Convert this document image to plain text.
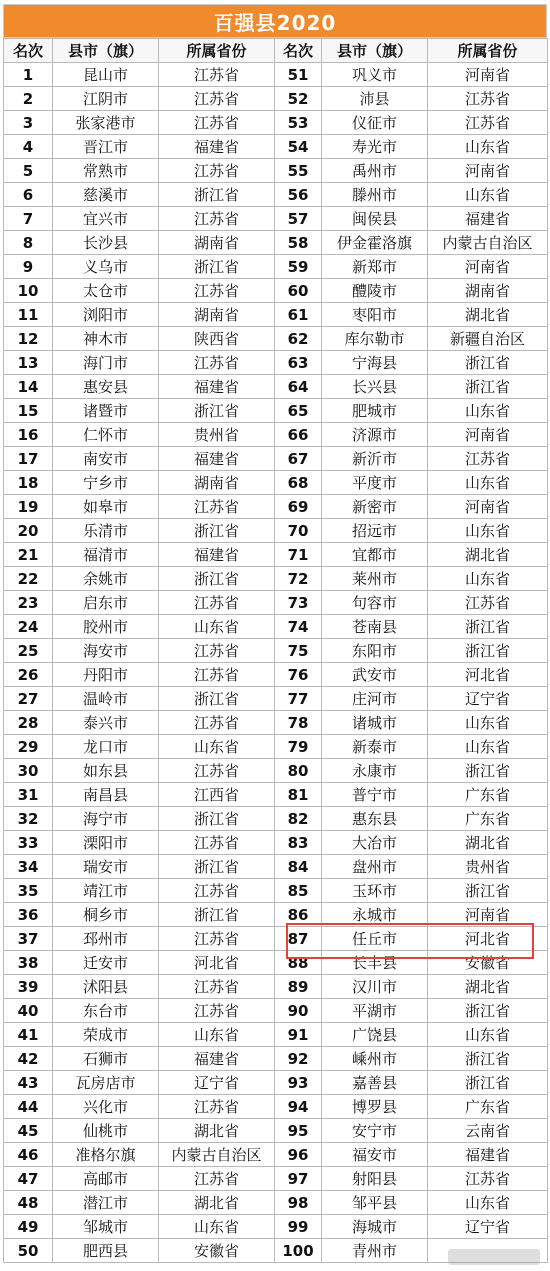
百强县2020
名次	县市（旗）	所属省份	名次	县市（旗）	所属省份
1	昆山市	江苏省	51	巩义市	河南省
2	江阴市	江苏省	52	沛县	江苏省
3	张家港市	江苏省	53	仪征市	江苏省
4	晋江市	福建省	54	寿光市	山东省
5	常熟市	江苏省	55	禹州市	河南省
6	慈溪市	浙江省	56	滕州市	山东省
7	宜兴市	江苏省	57	闽侯县	福建省
8	长沙县	湖南省	58	伊金霍洛旗	内蒙古自治区
9	义乌市	浙江省	59	新郑市	河南省
10	太仓市	江苏省	60	醴陵市	湖南省
11	浏阳市	湖南省	61	枣阳市	湖北省
12	神木市	陕西省	62	库尔勒市	新疆自治区
13	海门市	江苏省	63	宁海县	浙江省
14	惠安县	福建省	64	长兴县	浙江省
15	诸暨市	浙江省	65	肥城市	山东省
16	仁怀市	贵州省	66	济源市	河南省
17	南安市	福建省	67	新沂市	江苏省
18	宁乡市	湖南省	68	平度市	山东省
19	如皋市	江苏省	69	新密市	河南省
20	乐清市	浙江省	70	招远市	山东省
21	福清市	福建省	71	宜都市	湖北省
22	余姚市	浙江省	72	莱州市	山东省
23	启东市	江苏省	73	句容市	江苏省
24	胶州市	山东省	74	苍南县	浙江省
25	海安市	江苏省	75	东阳市	浙江省
26	丹阳市	江苏省	76	武安市	河北省
27	温岭市	浙江省	77	庄河市	辽宁省
28	泰兴市	江苏省	78	诸城市	山东省
29	龙口市	山东省	79	新泰市	山东省
30	如东县	江苏省	80	永康市	浙江省
31	南昌县	江西省	81	普宁市	广东省
32	海宁市	浙江省	82	惠东县	广东省
33	溧阳市	江苏省	83	大冶市	湖北省
34	瑞安市	浙江省	84	盘州市	贵州省
35	靖江市	江苏省	85	玉环市	浙江省
36	桐乡市	浙江省	86	永城市	河南省
37	邳州市	江苏省	87	任丘市	河北省
38	迁安市	河北省	88	长丰县	安徽省
39	沭阳县	江苏省	89	汉川市	湖北省
40	东台市	江苏省	90	平湖市	浙江省
41	荣成市	山东省	91	广饶县	山东省
42	石狮市	福建省	92	嵊州市	浙江省
43	瓦房店市	辽宁省	93	嘉善县	浙江省
44	兴化市	江苏省	94	博罗县	广东省
45	仙桃市	湖北省	95	安宁市	云南省
46	准格尔旗	内蒙古自治区	96	福安市	福建省
47	高邮市	江苏省	97	射阳县	江苏省
48	潜江市	湖北省	98	邹平县	山东省
49	邹城市	山东省	99	海城市	辽宁省
50	肥西县	安徽省	100	青州市	
